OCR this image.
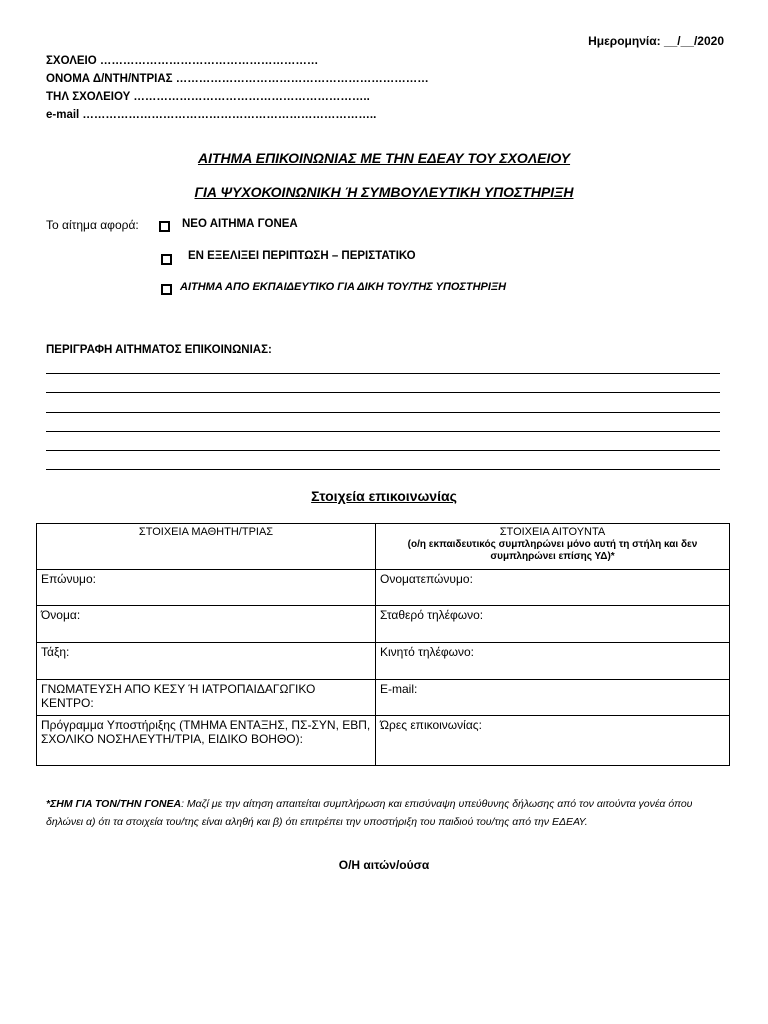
Ημερομηνία: __/__/2020
ΣΧΟΛΕΙΟ …………………………………………………
ΟΝΟΜΑ Δ/ΝΤΗ/ΝΤΡΙΑΣ …………………………………………………………
ΤΗΛ ΣΧΟΛΕΙΟΥ ……………………………………………………..
e-mail …………………………………………………………………..
ΑΙΤΗΜΑ ΕΠΙΚΟΙΝΩΝΙΑΣ ΜΕ ΤΗΝ ΕΔΕΑΥ ΤΟΥ ΣΧΟΛΕΙΟΥ
ΓΙΑ ΨΥΧΟΚΟΙΝΩΝΙΚΗ Ή ΣΥΜΒΟΥΛΕΥΤΙΚΗ ΥΠΟΣΤΗΡΙΞΗ
Το αίτημα αφορά:	ΝΕΟ ΑΙΤΗΜΑ ΓΟΝΕΑ
ΕΝ ΕΞΕΛΙΞΕΙ ΠΕΡΙΠΤΩΣΗ – ΠΕΡΙΣΤΑΤΙΚΟ
ΑΙΤΗΜΑ ΑΠΟ ΕΚΠΑΙΔΕΥΤΙΚΟ ΓΙΑ ΔΙΚΗ ΤΟΥ/ΤΗΣ ΥΠΟΣΤΗΡΙΞΗ
ΠΕΡΙΓΡΑΦΗ ΑΙΤΗΜΑΤΟΣ ΕΠΙΚΟΙΝΩΝΙΑΣ:
Στοιχεία επικοινωνίας
ΣΤΟΙΧΕΙΑ ΜΑΘΗΤΗ/ΤΡΙΑΣ	ΣΤΟΙΧΕΙΑ ΑΙΤΟΥΝΤΑ
(ο/η εκπαιδευτικός συμπληρώνει μόνο αυτή τη στήλη και δεν συμπληρώνει επίσης ΥΔ)*
Επώνυμο:	Ονοματεπώνυμο:
Όνομα:	Σταθερό τηλέφωνο:
Τάξη:	Κινητό τηλέφωνο:
ΓΝΩΜΑΤΕΥΣΗ ΑΠΟ ΚΕΣΥ Ή ΙΑΤΡΟΠΑΙΔΑΓΩΓΙΚΟ ΚΕΝΤΡΟ:	E-mail:
Πρόγραμμα Υποστήριξης (ΤΜΗΜΑ ΕΝΤΑΞΗΣ, ΠΣ-ΣΥΝ, ΕΒΠ, ΣΧΟΛΙΚΟ ΝΟΣΗΛΕΥΤΗ/ΤΡΙΑ, ΕΙΔΙΚΟ ΒΟΗΘΟ):	Ώρες επικοινωνίας:
*ΣΗΜ ΓΙΑ ΤΟΝ/ΤΗΝ ΓΟΝΕΑ: Μαζί με την αίτηση απαιτείται συμπλήρωση και επισύναψη υπεύθυνης δήλωσης από τον αιτούντα γονέα όπου δηλώνει α) ότι τα στοιχεία του/της είναι αληθή και β) ότι επιτρέπει την υποστήριξη του παιδιού του/της από την ΕΔΕΑΥ.
Ο/Η αιτών/ούσα
